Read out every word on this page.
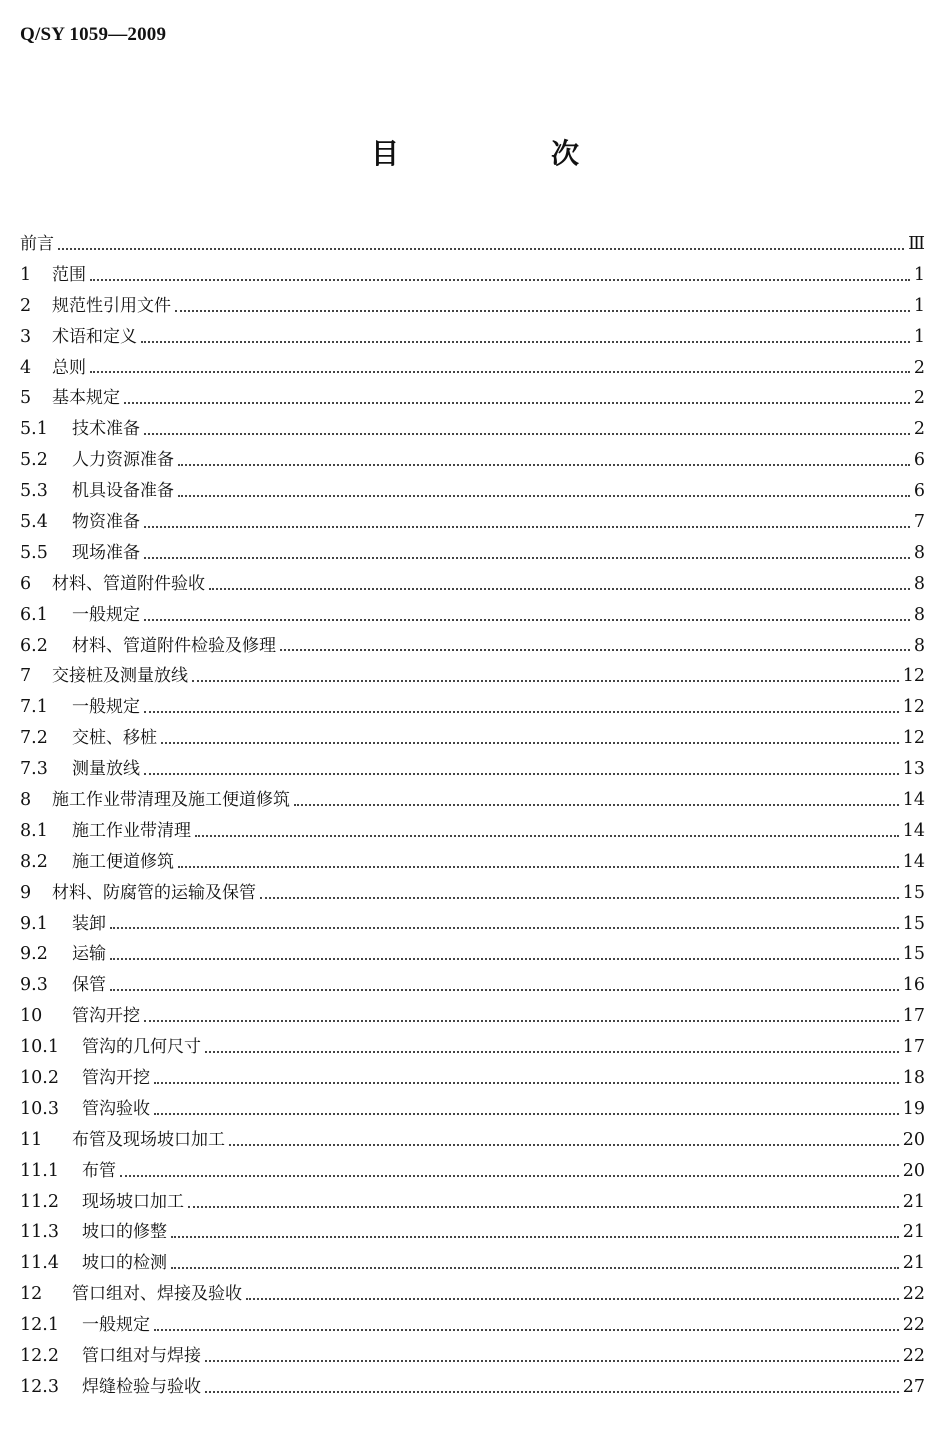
Q/SY 1059—2009
目　次
前言	Ⅲ
1	范围	1
2	规范性引用文件	1
3	术语和定义	1
4	总则	2
5	基本规定	2
5.1	技术准备	2
5.2	人力资源准备	6
5.3	机具设备准备	6
5.4	物资准备	7
5.5	现场准备	8
6	材料、管道附件验收	8
6.1	一般规定	8
6.2	材料、管道附件检验及修理	8
7	交接桩及测量放线	12
7.1	一般规定	12
7.2	交桩、移桩	12
7.3	测量放线	13
8	施工作业带清理及施工便道修筑	14
8.1	施工作业带清理	14
8.2	施工便道修筑	14
9	材料、防腐管的运输及保管	15
9.1	装卸	15
9.2	运输	15
9.3	保管	16
10	管沟开挖	17
10.1	管沟的几何尺寸	17
10.2	管沟开挖	18
10.3	管沟验收	19
11	布管及现场坡口加工	20
11.1	布管	20
11.2	现场坡口加工	21
11.3	坡口的修整	21
11.4	坡口的检测	21
12	管口组对、焊接及验收	22
12.1	一般规定	22
12.2	管口组对与焊接	22
12.3	焊缝检验与验收	27
